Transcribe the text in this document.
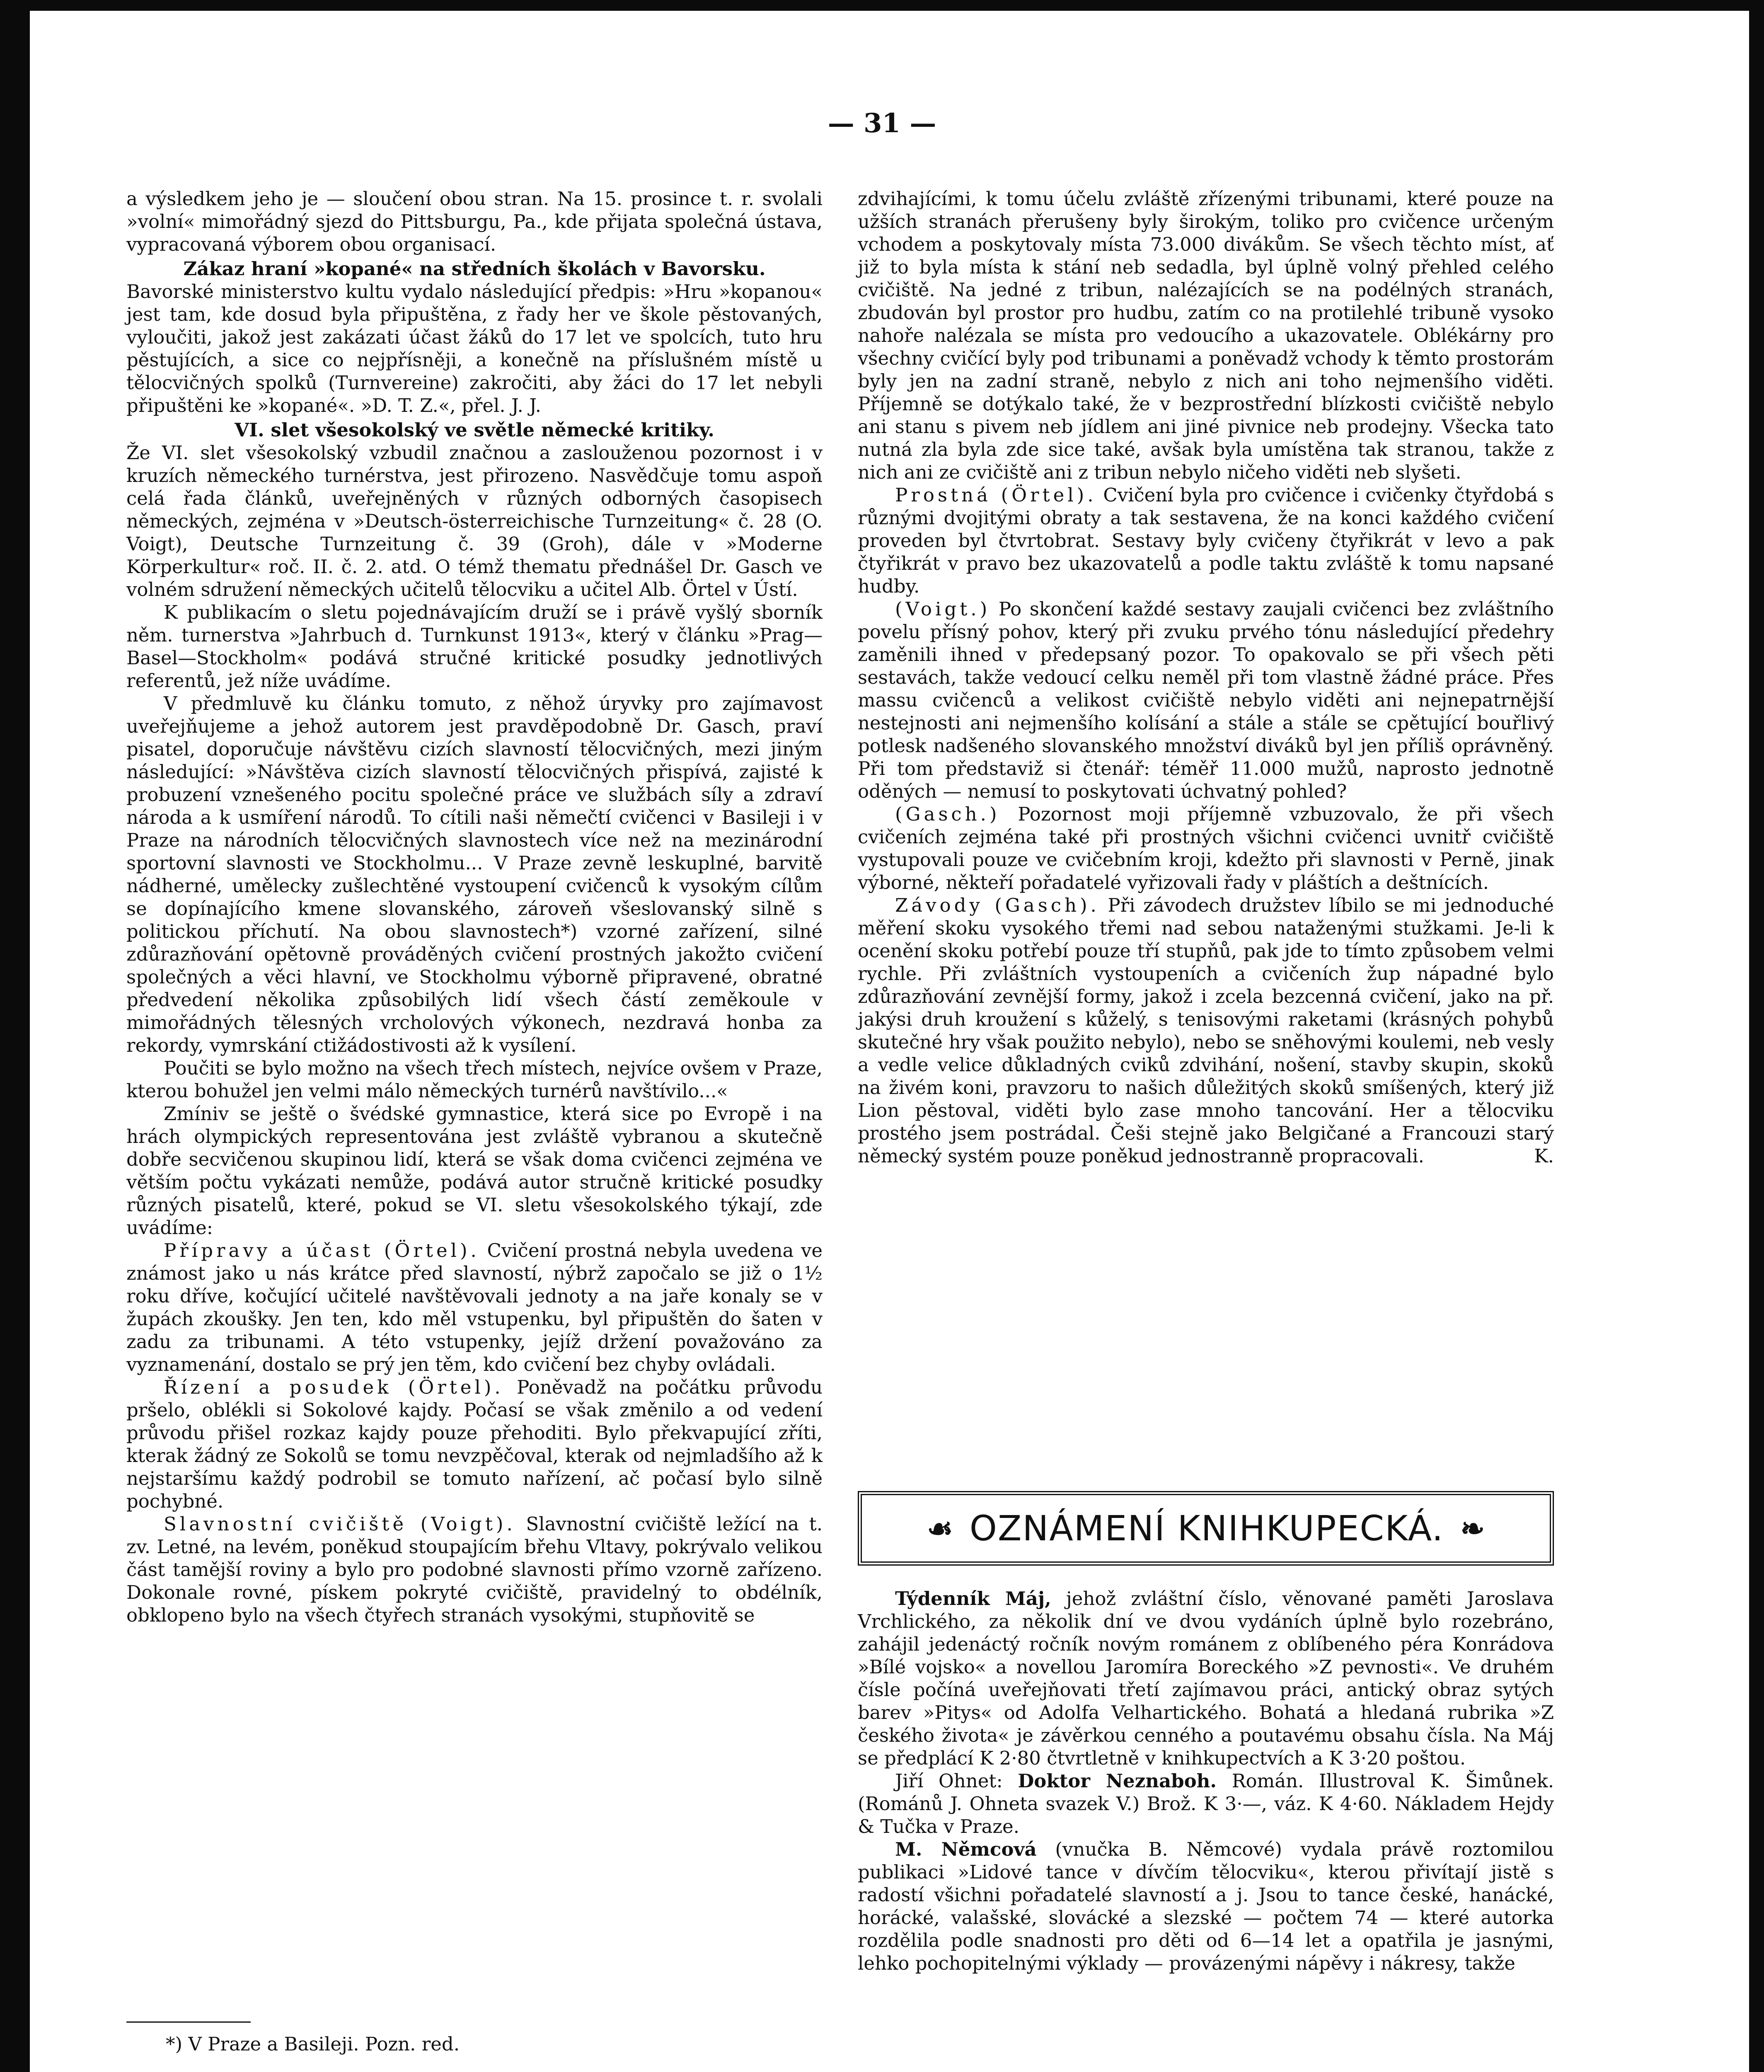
— 31 —

a výsledkem jeho je — sloučení obou stran. Na 15. prosince t. r. svolali »volní« mimořádný sjezd do Pittsburgu, Pa., kde přijata společná ústava, vypracovaná výborem obou organisací.

Zákaz hraní »kopané« na středních školách v Bavorsku.

Bavorské ministerstvo kultu vydalo následující předpis: »Hru »kopanou« jest tam, kde dosud byla připuštěna, z řady her ve škole pěstovaných, vyloučiti, jakož jest zakázati účast žáků do 17 let ve spolcích, tuto hru pěstujících, a sice co nejpřísněji, a konečně na příslušném místě u tělocvičných spolků (Turnvereine) zakročiti, aby žáci do 17 let nebyli připuštěni ke »kopané«. »D. T. Z.«, přel. J. J.

VI. slet všesokolský ve světle německé kritiky.

Že VI. slet všesokolský vzbudil značnou a zaslouženou pozornost i v kruzích německého turnérstva, jest přirozeno. Nasvědčuje tomu aspoň celá řada článků, uveřejněných v různých odborných časopisech německých, zejména v »Deutsch-österreichische Turnzeitung« č. 28 (O. Voigt), Deutsche Turnzeitung č. 39 (Groh), dále v »Moderne Körperkultur« roč. II. č. 2. atd. O témž thematu přednášel Dr. Gasch ve volném sdružení německých učitelů tělocviku a učitel Alb. Örtel v Ústí.

K publikacím o sletu pojednávajícím druží se i právě vyšlý sborník něm. turnerstva »Jahrbuch d. Turnkunst 1913«, který v článku »Prag—Basel—Stockholm« podává stručné kritické posudky jednotlivých referentů, jež níže uvádíme.

V předmluvě ku článku tomuto, z něhož úryvky pro zajímavost uveřejňujeme a jehož autorem jest pravděpodobně Dr. Gasch, praví pisatel, doporučuje návštěvu cizích slavností tělocvičných, mezi jiným následující: »Návštěva cizích slavností tělocvičných přispívá, zajisté k probuzení vznešeného pocitu společné práce ve službách síly a zdraví národa a k usmíření národů. To cítili naši němečtí cvičenci v Basileji i v Praze na národních tělocvičných slavnostech více než na mezinárodní sportovní slavnosti ve Stockholmu... V Praze zevně leskuplné, barvitě nádherné, umělecky zušlechtěné vystoupení cvičenců k vysokým cílům se dopínajícího kmene slovanského, zároveň všeslovanský silně s politickou příchutí. Na obou slavnostech*) vzorné zařízení, silné zdůrazňování opětovně prováděných cvičení prostných jakožto cvičení společných a věci hlavní, ve Stockholmu výborně připravené, obratné předvedení několika způsobilých lidí všech částí zeměkoule v mimořádných tělesných vrcholových výkonech, nezdravá honba za rekordy, vymrskání ctižádostivosti až k vysílení.

Poučiti se bylo možno na všech třech místech, nejvíce ovšem v Praze, kterou bohužel jen velmi málo německých turnérů navštívilo...«

Zmíniv se ještě o švédské gymnastice, která sice po Evropě i na hrách olympických representována jest zvláště vybranou a skutečně dobře secvičenou skupinou lidí, která se však doma cvičenci zejména ve větším počtu vykázati nemůže, podává autor stručně kritické posudky různých pisatelů, které, pokud se VI. sletu všesokolského týkají, zde uvádíme:

Přípravy a účast (Örtel). Cvičení prostná nebyla uvedena ve známost jako u nás krátce před slavností, nýbrž započalo se již o 1½ roku dříve, kočující učitelé navštěvovali jednoty a na jaře konaly se v župách zkoušky. Jen ten, kdo měl vstupenku, byl připuštěn do šaten v zadu za tribunami. A této vstupenky, jejíž držení považováno za vyznamenání, dostalo se prý jen těm, kdo cvičení bez chyby ovládali.

Řízení a posudek (Örtel). Poněvadž na počátku průvodu pršelo, oblékli si Sokolové kajdy. Počasí se však změnilo a od vedení průvodu přišel rozkaz kajdy pouze přehoditi. Bylo překvapující zříti, kterak žádný ze Sokolů se tomu nevzpěčoval, kterak od nejmladšího až k nejstaršímu každý podrobil se tomuto nařízení, ač počasí bylo silně pochybné.

Slavnostní cvičiště (Voigt). Slavnostní cvičiště ležící na t. zv. Letné, na levém, poněkud stoupajícím břehu Vltavy, pokrývalo velikou část tamější roviny a bylo pro podobné slavnosti přímo vzorně zařízeno. Dokonale rovné, pískem pokryté cvičiště, pravidelný to obdélník, obklopeno bylo na všech čtyřech stranách vysokými, stupňovitě se

*) V Praze a Basileji. Pozn. red.

zdvihajícími, k tomu účelu zvláště zřízenými tribunami, které pouze na užších stranách přerušeny byly širokým, toliko pro cvičence určeným vchodem a poskytovaly místa 73.000 divákům. Se všech těchto míst, ať již to byla místa k stání neb sedadla, byl úplně volný přehled celého cvičiště. Na jedné z tribun, nalézajících se na podélných stranách, zbudován byl prostor pro hudbu, zatím co na protilehlé tribuně vysoko nahoře nalézala se místa pro vedoucího a ukazovatele. Oblékárny pro všechny cvičící byly pod tribunami a poněvadž vchody k těmto prostorám byly jen na zadní straně, nebylo z nich ani toho nejmenšího viděti. Příjemně se dotýkalo také, že v bezprostřední blízkosti cvičiště nebylo ani stanu s pivem neb jídlem ani jiné pivnice neb prodejny. Všecka tato nutná zla byla zde sice také, avšak byla umístěna tak stranou, takže z nich ani ze cvičiště ani z tribun nebylo ničeho viděti neb slyšeti.

Prostná (Örtel). Cvičení byla pro cvičence i cvičenky čtyřdobá s různými dvojitými obraty a tak sestavena, že na konci každého cvičení proveden byl čtvrtobrat. Sestavy byly cvičeny čtyřikrát v levo a pak čtyřikrát v pravo bez ukazovatelů a podle taktu zvláště k tomu napsané hudby.

(Voigt.) Po skončení každé sestavy zaujali cvičenci bez zvláštního povelu přísný pohov, který při zvuku prvého tónu následující předehry zaměnili ihned v předepsaný pozor. To opakovalo se při všech pěti sestavách, takže vedoucí celku neměl při tom vlastně žádné práce. Přes massu cvičenců a velikost cvičiště nebylo viděti ani nejnepatrnější nestejnosti ani nejmenšího kolísání a stále a stále se cpětující bouřlivý potlesk nadšeného slovanského množství diváků byl jen příliš oprávněný. Při tom představiž si čtenář: téměř 11.000 mužů, naprosto jednotně oděných — nemusí to poskytovati úchvatný pohled?

(Gasch.) Pozornost moji příjemně vzbuzovalo, že při všech cvičeních zejména také při prostných všichni cvičenci uvnitř cvičiště vystupovali pouze ve cvičebním kroji, kdežto při slavnosti v Perně, jinak výborné, někteří pořadatelé vyřizovali řady v pláštích a deštnících.

Závody (Gasch). Při závodech družstev líbilo se mi jednoduché měření skoku vysokého třemi nad sebou nataženými stužkami. Je-li k ocenění skoku potřebí pouze tří stupňů, pak jde to tímto způsobem velmi rychle. Při zvláštních vystoupeních a cvičeních žup nápadné bylo zdůrazňování zevnější formy, jakož i zcela bezcenná cvičení, jako na př. jakýsi druh kroužení s kůželý, s tenisovými raketami (krásných pohybů skutečné hry však použito nebylo), nebo se sněhovými koulemi, neb vesly a vedle velice důkladných cviků zdvihání, nošení, stavby skupin, skoků na živém koni, pravzoru to našich důležitých skoků smíšených, který již Lion pěstoval, viděti bylo zase mnoho tancování. Her a tělocviku prostého jsem postrádal. Češi stejně jako Belgičané a Francouzi starý německý systém pouze poněkud jednostranně propracovali.	K.

☙ OZNÁMENÍ KNIHKUPECKÁ. ❧

Týdenník Máj, jehož zvláštní číslo, věnované paměti Jaroslava Vrchlického, za několik dní ve dvou vydáních úplně bylo rozebráno, zahájil jedenáctý ročník novým románem z oblíbeného péra Konrádova »Bílé vojsko« a novellou Jaromíra Boreckého »Z pevnosti«. Ve druhém čísle počíná uveřejňovati třetí zajímavou práci, antický obraz sytých barev »Pitys« od Adolfa Velhartického. Bohatá a hledaná rubrika »Z českého života« je závěrkou cenného a poutavému obsahu čísla. Na Máj se předplácí K 2·80 čtvrtletně v knihkupectvích a K 3·20 poštou.

Jiří Ohnet: Doktor Neznaboh. Román. Illustroval K. Šimůnek. (Románů J. Ohneta svazek V.) Brož. K 3·—, váz. K 4·60. Nákladem Hejdy & Tučka v Praze.

M. Němcová (vnučka B. Němcové) vydala právě roztomilou publikaci »Lidové tance v dívčím tělocviku«, kterou přivítají jistě s radostí všichni pořadatelé slavností a j. Jsou to tance české, hanácké, horácké, valašské, slovácké a slezské — počtem 74 — které autorka rozdělila podle snadnosti pro děti od 6—14 let a opatřila je jasnými, lehko pochopitelnými výklady — provázenými nápěvy i nákresy, takže
